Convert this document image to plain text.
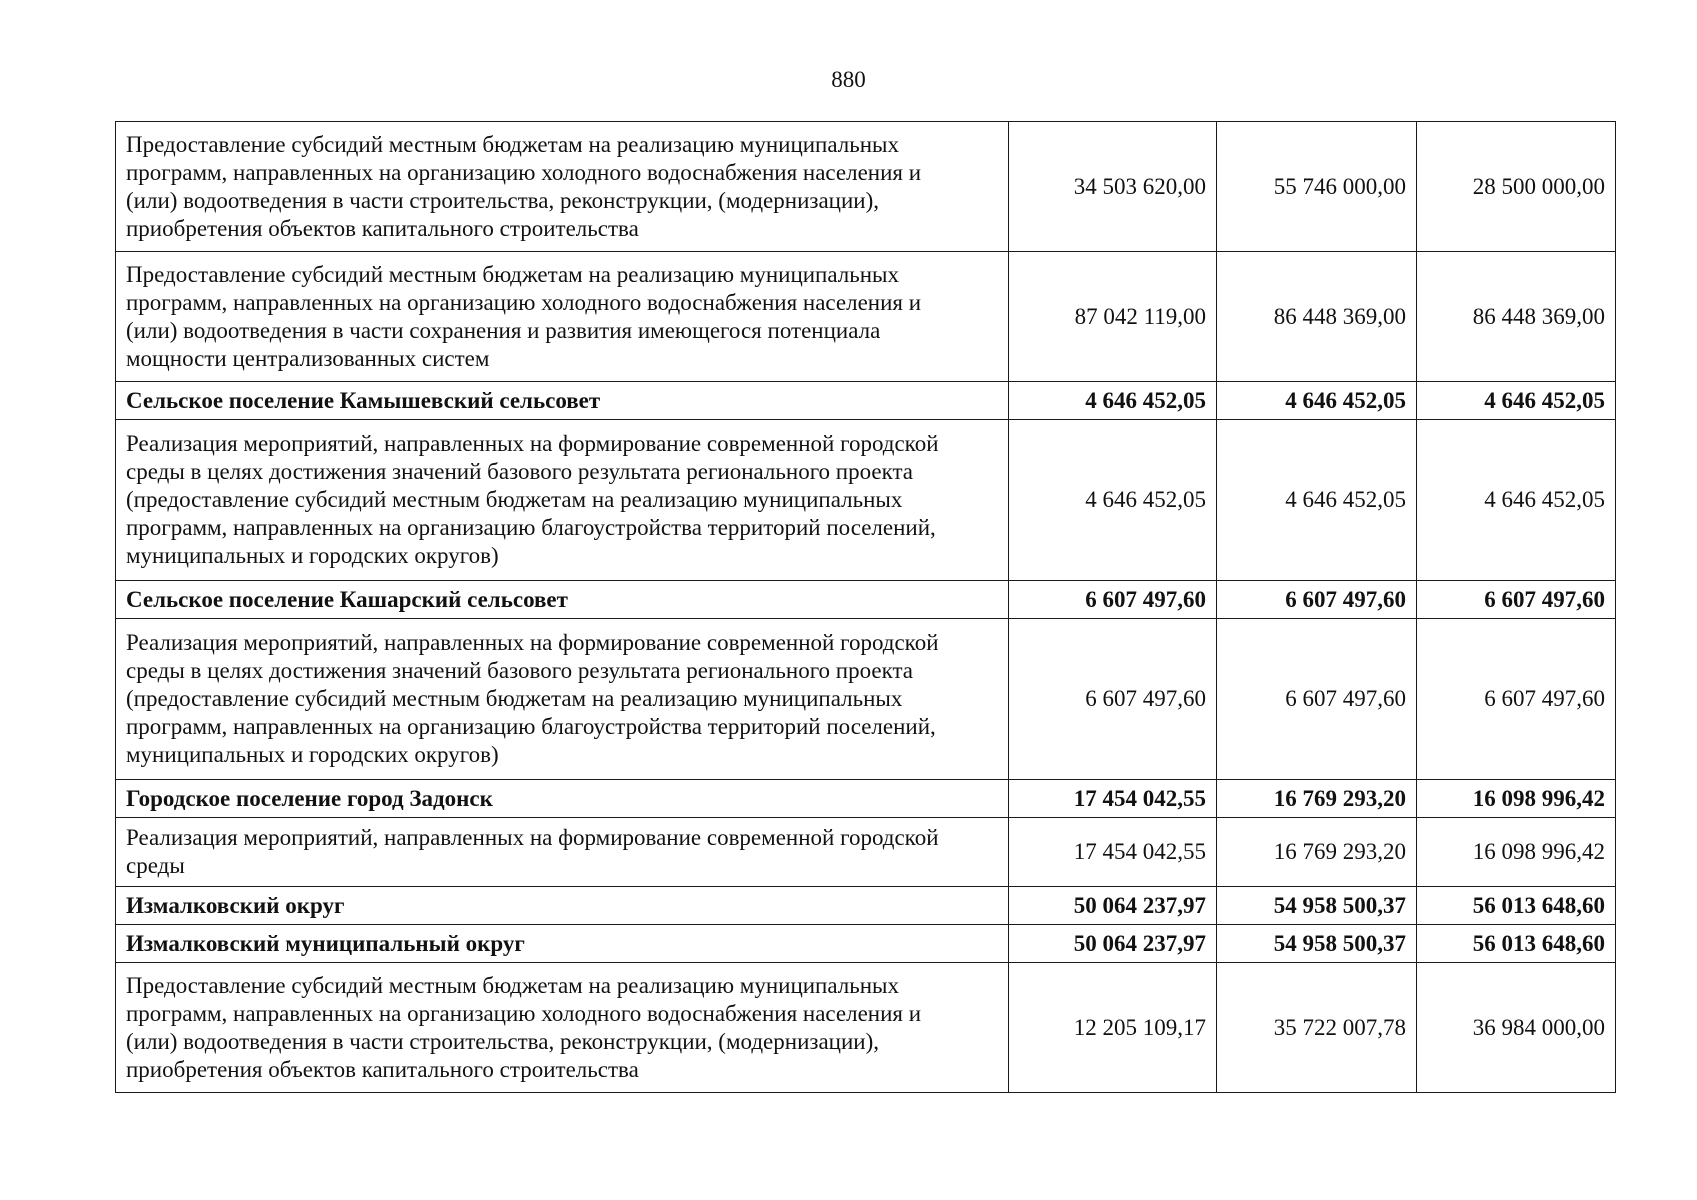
880
Предоставление субсидий местным бюджетам на реализацию муниципальных
программ, направленных на организацию холодного водоснабжения населения и
(или) водоотведения в части строительства, реконструкции, (модернизации),
приобретения объектов капитального строительства	34 503 620,00	55 746 000,00	28 500 000,00

Предоставление субсидий местным бюджетам на реализацию муниципальных
программ, направленных на организацию холодного водоснабжения населения и
(или) водоотведения в части сохранения и развития имеющегося потенциала
мощности централизованных систем	87 042 119,00	86 448 369,00	86 448 369,00

Сельское поселение Камышевский сельсовет	4 646 452,05	4 646 452,05	4 646 452,05

Реализация мероприятий, направленных на формирование современной городской
среды в целях достижения значений базового результата регионального проекта
(предоставление субсидий местным бюджетам на реализацию муниципальных
программ, направленных на организацию благоустройства территорий поселений,
муниципальных и городских округов)	4 646 452,05	4 646 452,05	4 646 452,05

Сельское поселение Кашарский сельсовет	6 607 497,60	6 607 497,60	6 607 497,60

Реализация мероприятий, направленных на формирование современной городской
среды в целях достижения значений базового результата регионального проекта
(предоставление субсидий местным бюджетам на реализацию муниципальных
программ, направленных на организацию благоустройства территорий поселений,
муниципальных и городских округов)	6 607 497,60	6 607 497,60	6 607 497,60

Городское поселение город Задонск	17 454 042,55	16 769 293,20	16 098 996,42

Реализация мероприятий, направленных на формирование современной городской
среды	17 454 042,55	16 769 293,20	16 098 996,42

Измалковский округ	50 064 237,97	54 958 500,37	56 013 648,60

Измалковский муниципальный округ	50 064 237,97	54 958 500,37	56 013 648,60

Предоставление субсидий местным бюджетам на реализацию муниципальных
программ, направленных на организацию холодного водоснабжения населения и
(или) водоотведения в части строительства, реконструкции, (модернизации),
приобретения объектов капитального строительства	12 205 109,17	35 722 007,78	36 984 000,00
